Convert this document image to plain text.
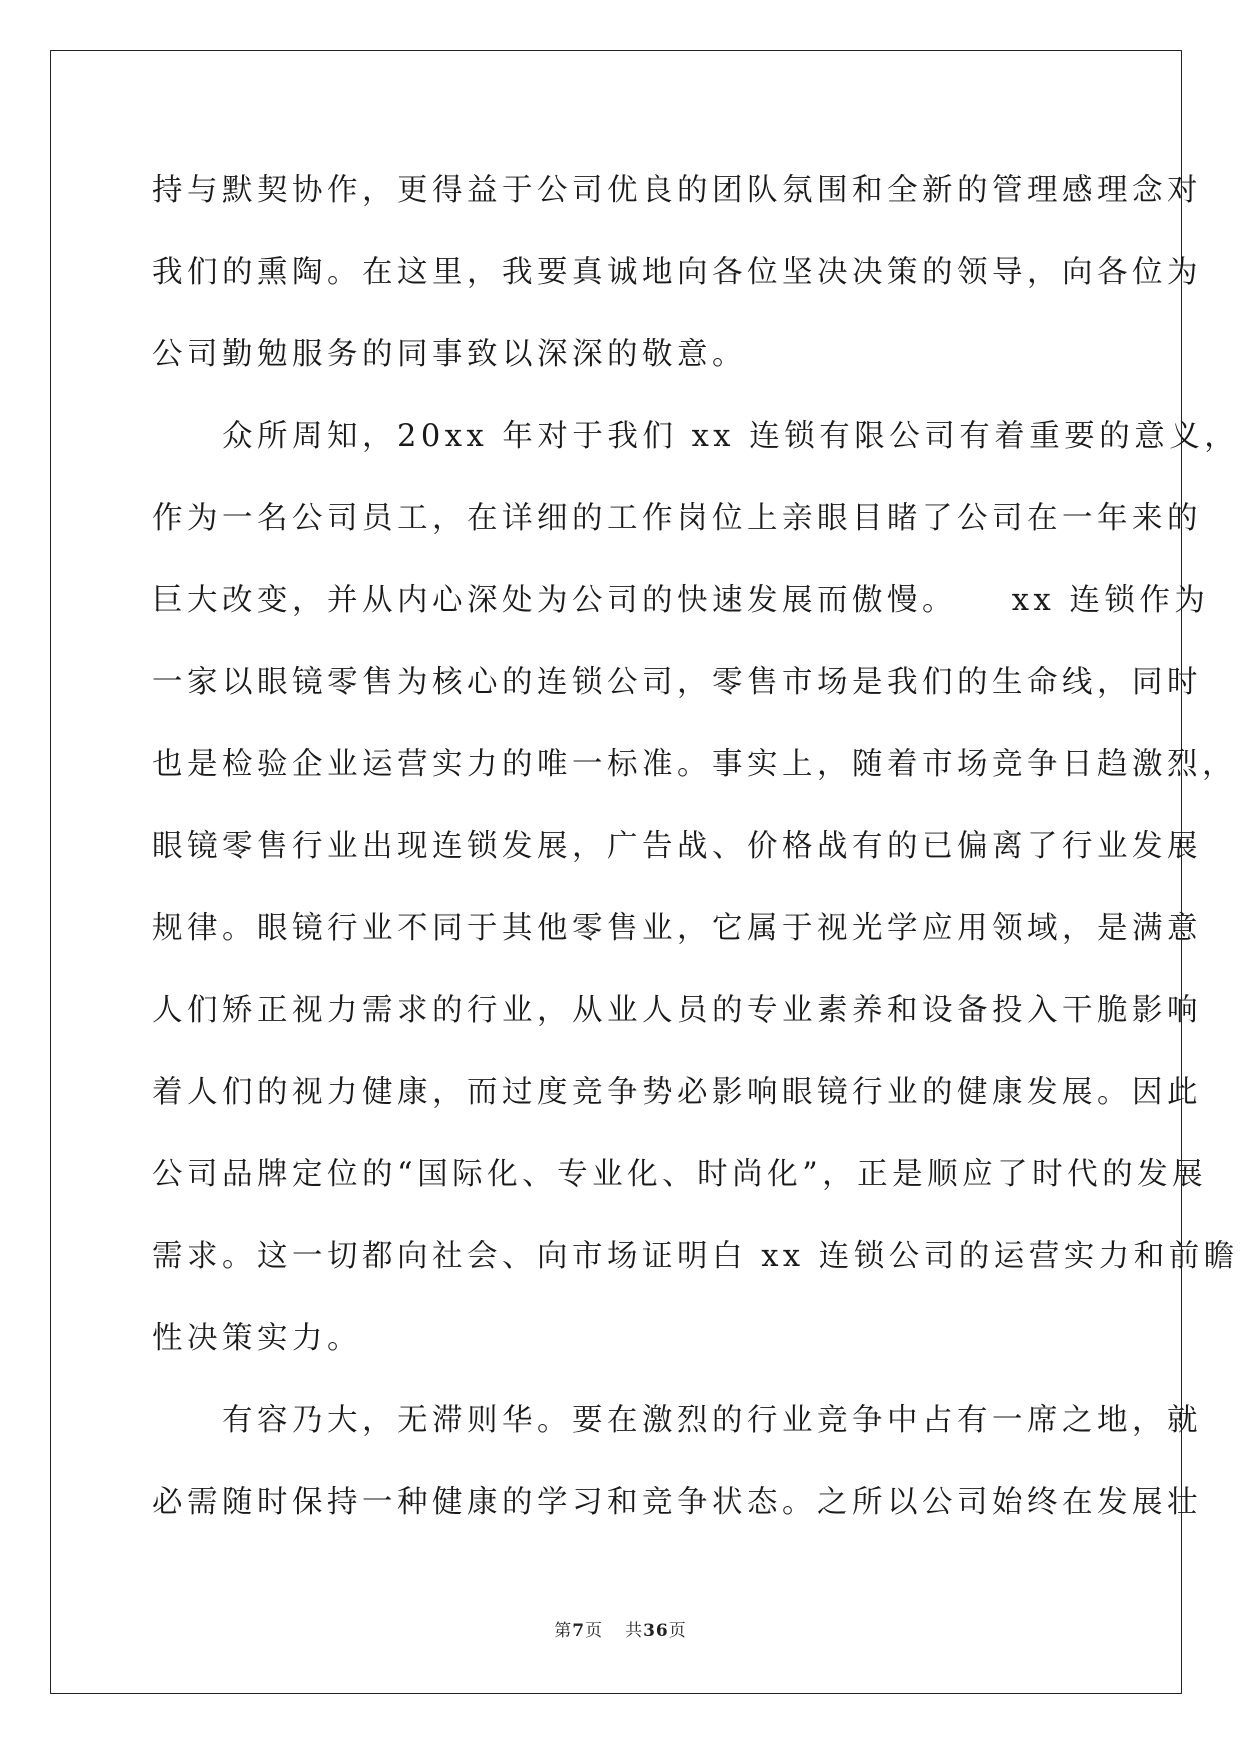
持与默契协作，更得益于公司优良的团队氛围和全新的管理感理念对
我们的熏陶。在这里，我要真诚地向各位坚决决策的领导，向各位为
公司勤勉服务的同事致以深深的敬意。
　　众所周知，20xx 年对于我们 xx 连锁有限公司有着重要的意义，
作为一名公司员工，在详细的工作岗位上亲眼目睹了公司在一年来的
巨大改变，并从内心深处为公司的快速发展而傲慢。　　xx 连锁作为
一家以眼镜零售为核心的连锁公司，零售市场是我们的生命线，同时
也是检验企业运营实力的唯一标准。事实上，随着市场竞争日趋激烈，
眼镜零售行业出现连锁发展，广告战、价格战有的已偏离了行业发展
规律。眼镜行业不同于其他零售业，它属于视光学应用领域，是满意
人们矫正视力需求的行业，从业人员的专业素养和设备投入干脆影响
着人们的视力健康，而过度竞争势必影响眼镜行业的健康发展。因此
公司品牌定位的“国际化、专业化、时尚化”，正是顺应了时代的发展
需求。这一切都向社会、向市场证明白 xx 连锁公司的运营实力和前瞻
性决策实力。
　　有容乃大，无滞则华。要在激烈的行业竞争中占有一席之地，就
必需随时保持一种健康的学习和竞争状态。之所以公司始终在发展壮
第7页 共36页
